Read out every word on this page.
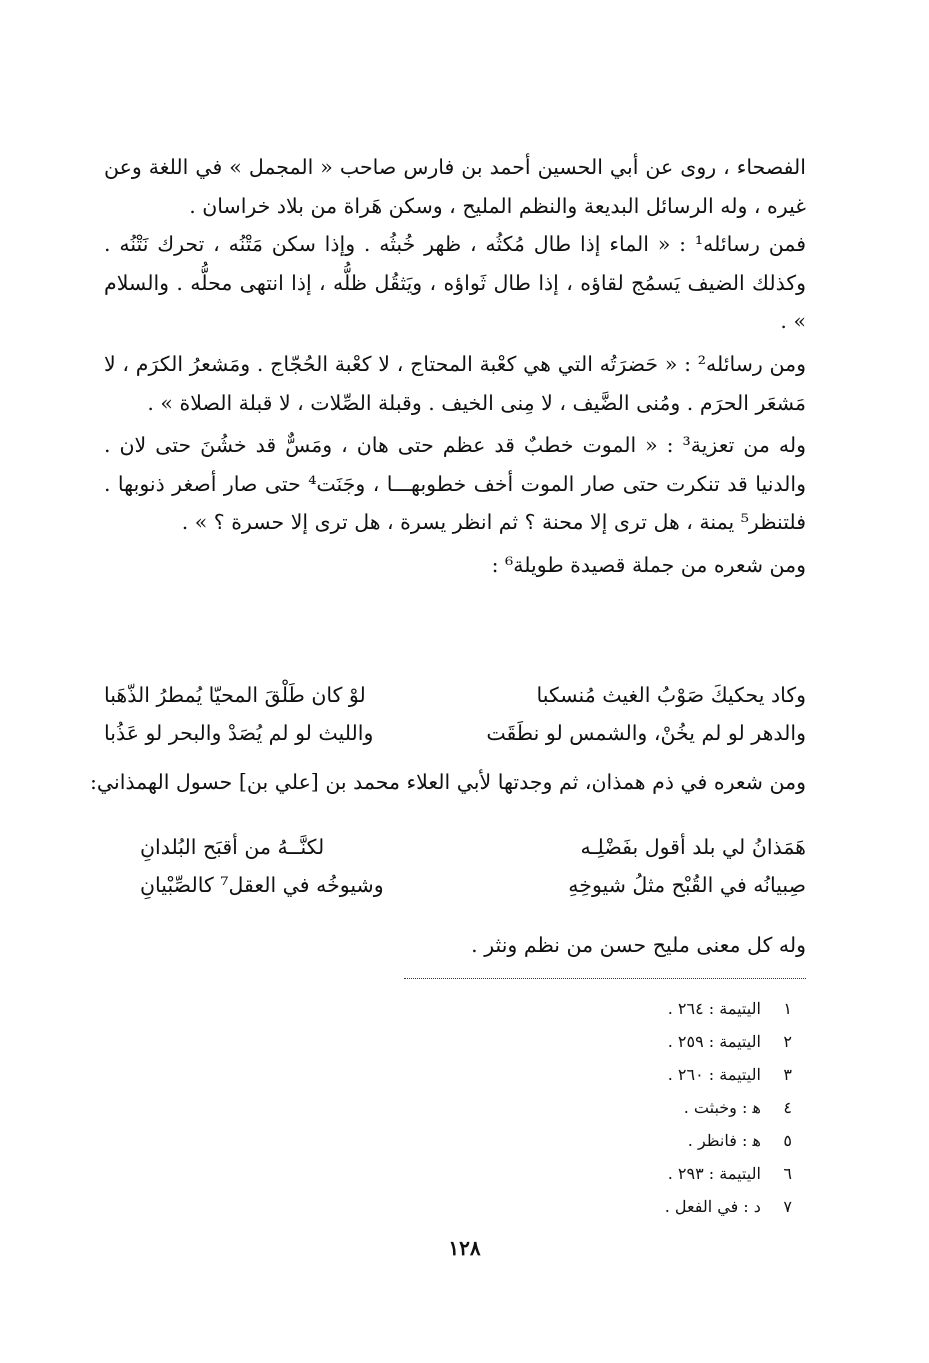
الفصحاء ، روى عن أبي الحسين أحمد بن فارس صاحب « المجمل » في اللغة وعن غيره ، وله الرسائل البديعة والنظم المليح ، وسكن هَراة من بلاد خراسان .

فمن رسائله¹ : « الماء إذا طال مُكثُه ، ظهر خُبثُه . وإذا سكن مَتْنُه ، تحرك نَتْنُه . وكذلك الضيف يَسمُج لقاؤه ، إذا طال ثَواؤه ، ويَثقُل ظلُّه ، إذا انتهى محلُّه . والسلام » .

ومن رسائله² : « حَضرَتُه التي هي كعْبة المحتاج ، لا كعْبة الحُجّاج . ومَشعرُ الكرَم ، لا مَشعَر الحرَم . ومُنى الضَّيف ، لا مِنى الخيف . وقبلة الصِّلات ، لا قبلة الصلاة » .

وله من تعزية³ : « الموت خطبٌ قد عظم حتى هان ، ومَسٌّ قد خشُنَ حتى لان . والدنيا قد تنكرت حتى صار الموت أخف خطوبهـــا ، وجَنَت⁴ حتى صار أصغر ذنوبها . فلتنظر⁵ يمنة ، هل ترى إلا محنة ؟ ثم انظر يسرة ، هل ترى إلا حسرة ؟ » .

ومن شعره من جملة قصيدة طويلة⁶ :

وكاد يحكيكَ صَوْبُ الغيث مُنسكبا
لوْ كان طَلْقَ المحيّا يُمطرُ الذّهَبا
والدهر لو لم يخُنْ، والشمس لو نطَقَت
والليث لو لم يُصَدْ والبحر لو عَذُبا
ومن شعره في ذم همذان، ثم وجدتها لأبي العلاء محمد بن [علي بن] حسول الهمذاني:
هَمَذانُ لي بلد أقول بفَضْلِـه
لكنَّــهُ من أقبَح البُلدانِ
صِبيانُه في القُبْح مثلُ شيوخِهِ
وشيوخُه في العقل⁷ كالصِّبْيانِ
وله كل معنى مليح حسن من نظم ونثر .
١ اليتيمة : ٢٦٤ .
٢ اليتيمة : ٢٥٩ .
٣ اليتيمة : ٢٦٠ .
٤ ﻫ : وخبثت .
٥ ﻫ : فانظر .
٦ اليتيمة : ٢٩٣ .
٧ د : في الفعل .
١٢٨
